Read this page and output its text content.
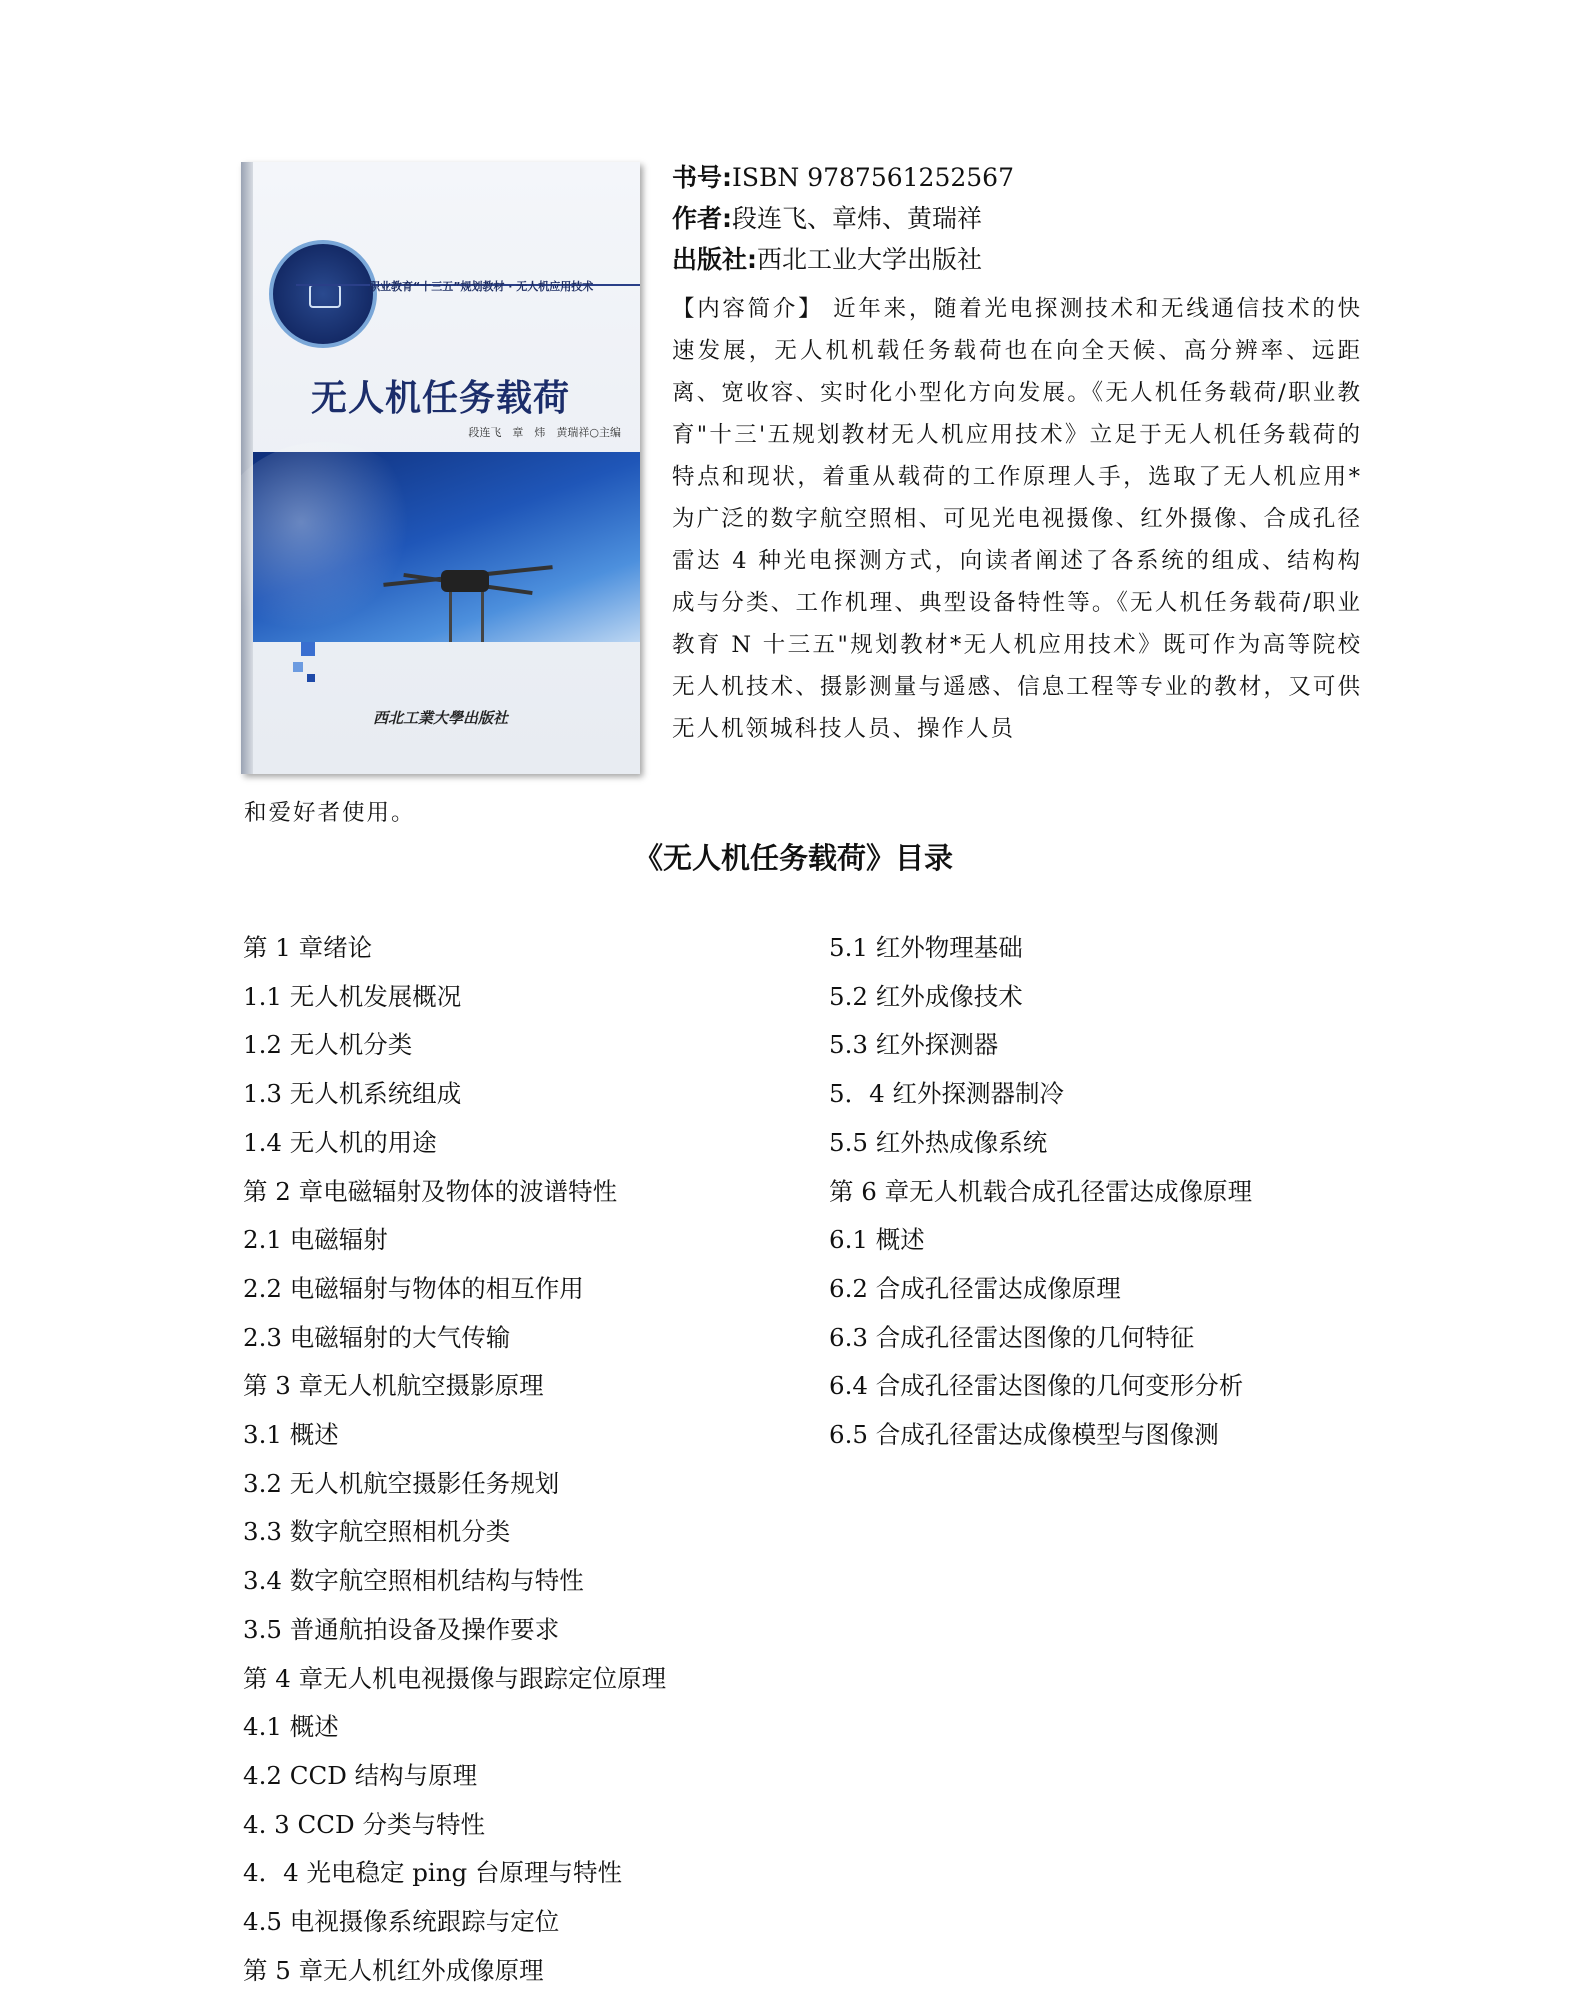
职业教育“十三五”规划教材 · 无人机应用技术
无人机任务载荷
段连飞　章　炜　黄瑞祥○主编
西北工業大學出版社
书号:ISBN 9787561252567
作者:段连飞、章炜、黄瑞祥
出版社:西北工业大学出版社
【内容简介】 近年来，随着光电探测技术和无线通信技术的快速发展，无人机机载任务载荷也在向全天候、高分辨率、远距离、宽收容、实时化小型化方向发展。《无人机任务载荷/职业教育"十三'五规划教材无人机应用技术》立足于无人机任务载荷的特点和现状，着重从载荷的工作原理人手，选取了无人机应用*为广泛的数字航空照相、可见光电视摄像、红外摄像、合成孔径雷达 4 种光电探测方式，向读者阐述了各系统的组成、结构构成与分类、工作机理、典型设备特性等。《无人机任务载荷/职业教育 N 十三五"规划教材*无人机应用技术》既可作为高等院校无人机技术、摄影测量与遥感、信息工程等专业的教材，又可供无人机领城科技人员、操作人员
和爱好者使用。
《无人机任务载荷》目录
第 1 章绪论
1.1 无人机发展概况
1.2 无人机分类
1.3 无人机系统组成
1.4 无人机的用途
第 2 章电磁辐射及物体的波谱特性
2.1 电磁辐射
2.2 电磁辐射与物体的相互作用
2.3 电磁辐射的大气传输
第 3 章无人机航空摄影原理
3.1 概述
3.2 无人机航空摄影任务规划
3.3 数字航空照相机分类
3.4 数字航空照相机结构与特性
3.5 普通航拍设备及操作要求
第 4 章无人机电视摄像与跟踪定位原理
4.1 概述
4.2 CCD 结构与原理
4. 3 CCD 分类与特性
4．4 光电稳定 ping 台原理与特性
4.5 电视摄像系统跟踪与定位
第 5 章无人机红外成像原理
5.1 红外物理基础
5.2 红外成像技术
5.3 红外探测器
5．4 红外探测器制冷
5.5 红外热成像系统
第 6 章无人机载合成孔径雷达成像原理
6.1 概述
6.2 合成孔径雷达成像原理
6.3 合成孔径雷达图像的几何特征
6.4 合成孔径雷达图像的几何变形分析
6.5 合成孔径雷达成像模型与图像测
